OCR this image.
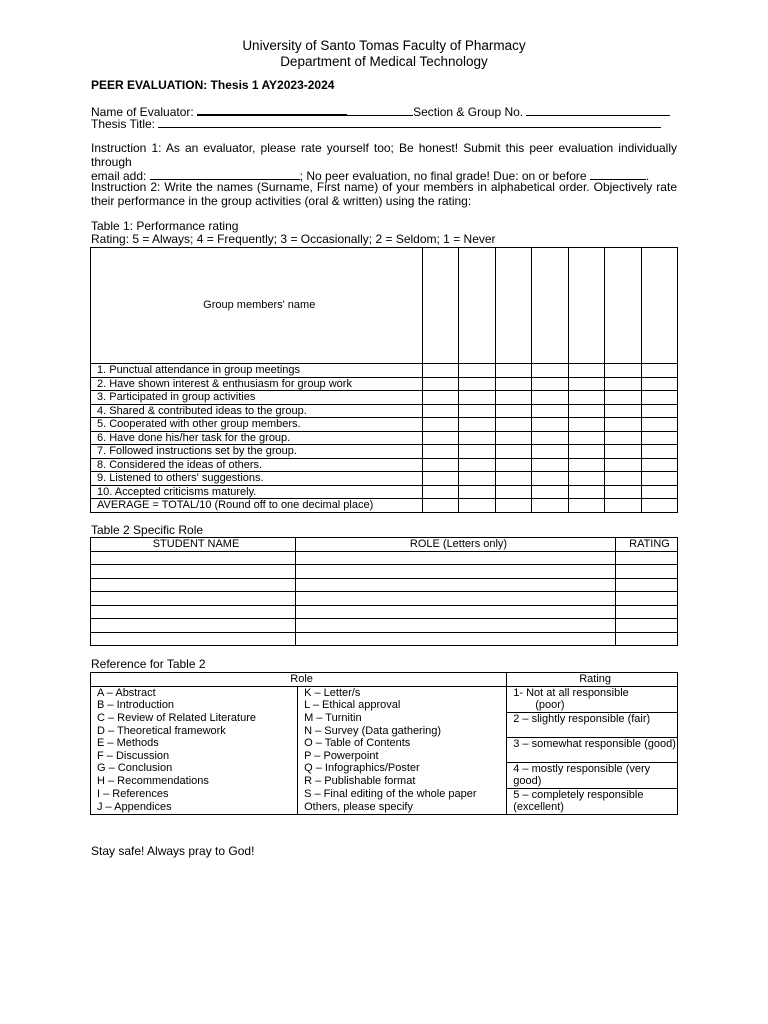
University of Santo Tomas Faculty of Pharmacy
Department of Medical Technology
PEER EVALUATION: Thesis 1 AY2023-2024
Name of Evaluator:	Section & Group No.
Thesis Title:
Instruction 1: As an evaluator, please rate yourself too; Be honest! Submit this peer evaluation individually through
email add:	; No peer evaluation, no final grade! Due: on or before	.
Instruction 2: Write the names (Surname, First name) of your members in alphabetical order. Objectively rate their performance in the group activities (oral & written) using the rating:
Table 1: Performance rating
Rating: 5 = Always; 4 = Frequently; 3 = Occasionally; 2 = Seldom; 1 = Never
Group members' name							
1. Punctual attendance in group meetings							
2. Have shown interest & enthusiasm for group work							
3. Participated in group activities							
4. Shared & contributed ideas to the group.							
5. Cooperated with other group members.							
6. Have done his/her task for the group.							
7. Followed instructions set by the group.							
8. Considered the ideas of others.							
9. Listened to others' suggestions.							
10. Accepted criticisms maturely.							
AVERAGE = TOTAL/10 (Round off to one decimal place)							
Table 2 Specific Role
STUDENT NAME	ROLE (Letters only)	RATING

Reference for Table 2
Role		Rating
A – Abstract	K – Letter/s	1- Not at all responsible
(poor)

B – Introduction	L – Ethical approval	
C – Review of Related Literature	M – Turnitin	2 – slightly responsible (fair)
D – Theoretical framework	N – Survey (Data gathering)	
E – Methods	O – Table of Contents	3 – somewhat responsible (good)
F – Discussion	P – Powerpoint	
G – Conclusion	Q – Infographics/Poster	4 – mostly responsible (very good)
H – Recommendations	R – Publishable format	
I – References	S – Final editing of the whole paper	5 – completely responsible (excellent)
J – Appendices	Others, please specify	
Stay safe! Always pray to God!
